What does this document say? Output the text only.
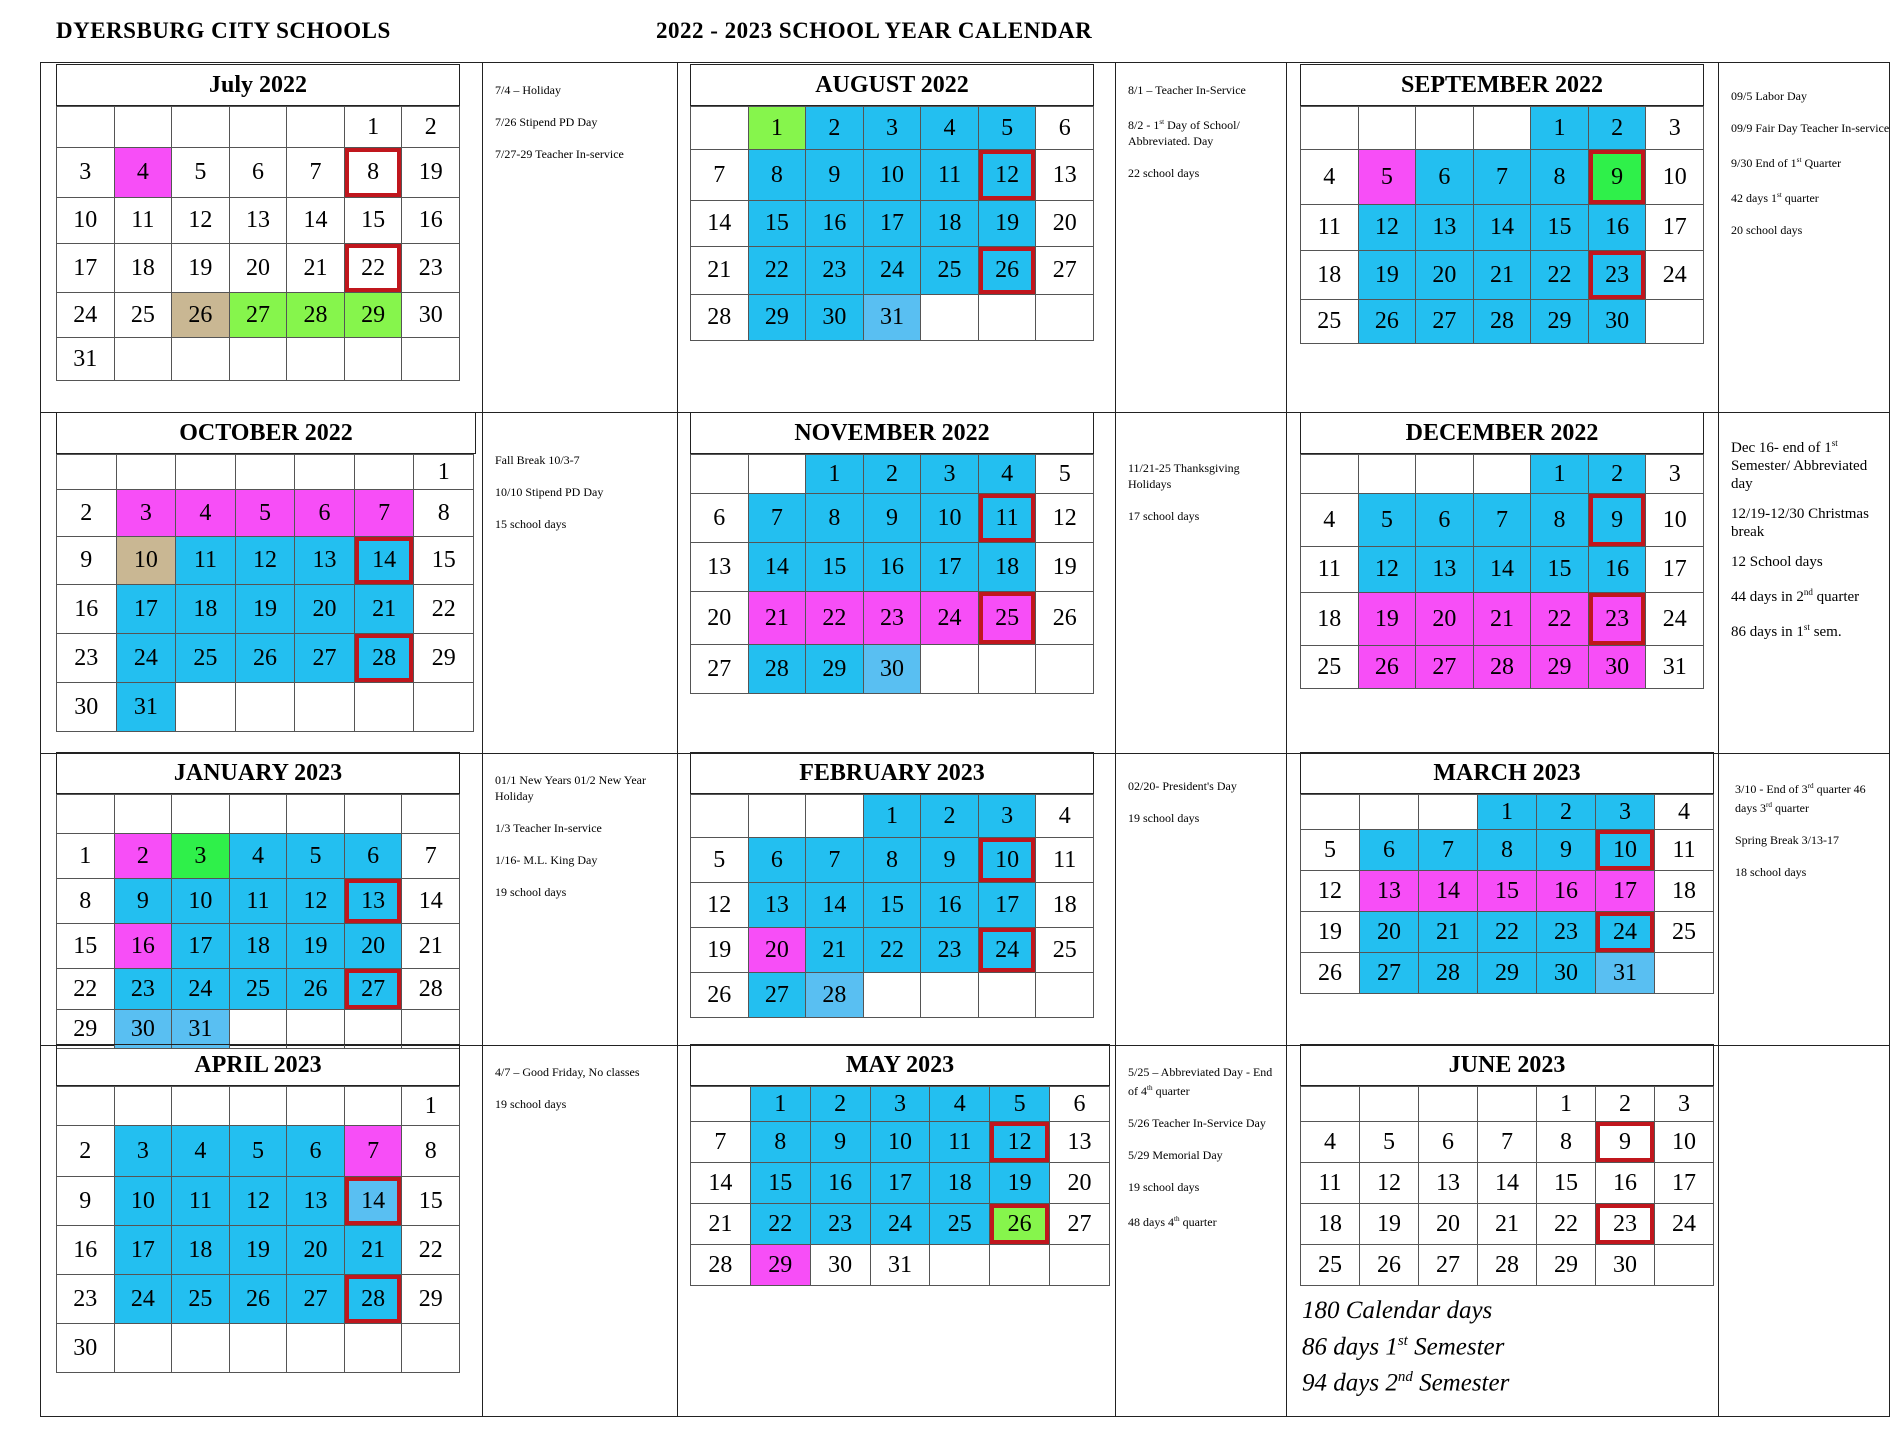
DYERSBURG CITY SCHOOLS	2022 - 2023 SCHOOL YEAR CALENDAR
July 2022
					1	2
3	4	5	6	7	8	19
10	11	12	13	14	15	16
17	18	19	20	21	22	23
24	25	26	27	28	29	30
31						
AUGUST 2022
	1	2	3	4	5	6
7	8	9	10	11	12	13
14	15	16	17	18	19	20
21	22	23	24	25	26	27
28	29	30	31			
SEPTEMBER 2022
				1	2	3
4	5	6	7	8	9	10
11	12	13	14	15	16	17
18	19	20	21	22	23	24
25	26	27	28	29	30	
OCTOBER 2022
						1
2	3	4	5	6	7	8
9	10	11	12	13	14	15
16	17	18	19	20	21	22
23	24	25	26	27	28	29
30	31					
NOVEMBER 2022
		1	2	3	4	5
6	7	8	9	10	11	12
13	14	15	16	17	18	19
20	21	22	23	24	25	26
27	28	29	30			
DECEMBER 2022
				1	2	3
4	5	6	7	8	9	10
11	12	13	14	15	16	17
18	19	20	21	22	23	24
25	26	27	28	29	30	31
JANUARY 2023

1	2	3	4	5	6	7
8	9	10	11	12	13	14
15	16	17	18	19	20	21
22	23	24	25	26	27	28
29	30	31				
FEBRUARY 2023
			1	2	3	4
5	6	7	8	9	10	11
12	13	14	15	16	17	18
19	20	21	22	23	24	25
26	27	28				
MARCH 2023
			1	2	3	4
5	6	7	8	9	10	11
12	13	14	15	16	17	18
19	20	21	22	23	24	25
26	27	28	29	30	31	
APRIL 2023
						1
2	3	4	5	6	7	8
9	10	11	12	13	14	15
16	17	18	19	20	21	22
23	24	25	26	27	28	29
30						
MAY 2023
	1	2	3	4	5	6
7	8	9	10	11	12	13
14	15	16	17	18	19	20
21	22	23	24	25	26	27
28	29	30	31			
JUNE 2023
				1	2	3
4	5	6	7	8	9	10
11	12	13	14	15	16	17
18	19	20	21	22	23	24
25	26	27	28	29	30	

7/4 – Holiday

7/26 Stipend PD Day

7/27-29 Teacher In-service

8/1 – Teacher In-Service

8/2 - 1st Day of School/ Abbreviated. Day

22 school days

09/5 Labor Day

09/9 Fair Day Teacher In-service

9/30 End of 1st Quarter

42 days 1st quarter

20 school days

Fall Break 10/3-7

10/10 Stipend PD Day

15 school days

11/21-25 Thanksgiving Holidays

17 school days

Dec 16- end of 1st Semester/ Abbreviated day

12/19-12/30 Christmas break

12 School days

44 days in 2nd quarter

86 days in 1st sem.

01/1 New Years 01/2 New Year Holiday

1/3 Teacher In-service

1/16- M.L. King Day

19 school days

02/20- President's Day

19 school days

3/10 - End of 3rd quarter 46 days 3rd quarter

Spring Break 3/13-17

18 school days

4/7 – Good Friday, No classes

19 school days

5/25 – Abbreviated Day - End of 4th quarter

5/26 Teacher In-Service Day

5/29 Memorial Day

19 school days

48 days 4th quarter

180 Calendar days
86 days 1st Semester
94 days 2nd Semester
